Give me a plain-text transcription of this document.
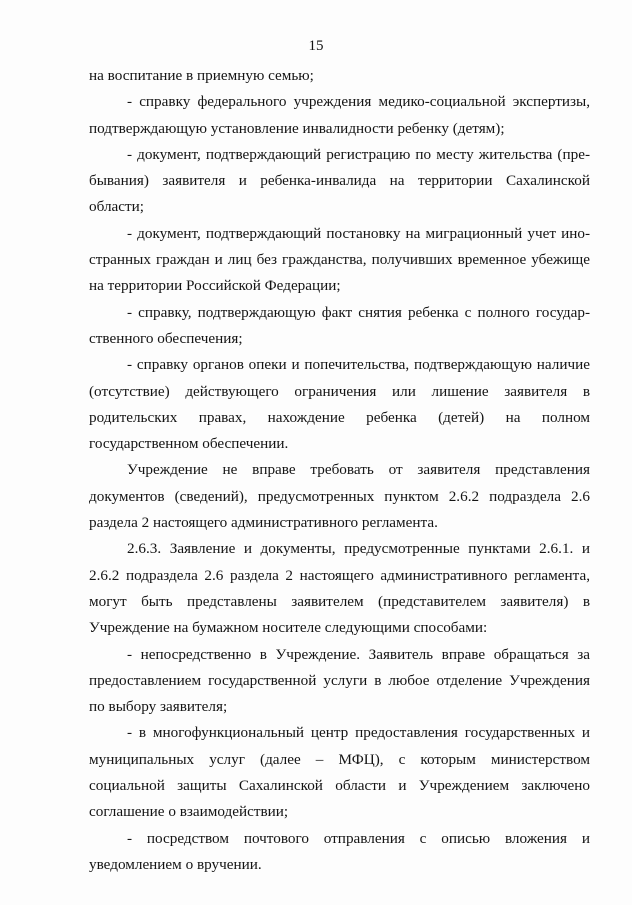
15

на воспитание в приемную семью;

- справку федерального учреждения медико-социальной экспертизы, подтверждающую установление инвалидности ребенку (детям);

- документ, подтверждающий регистрацию по месту жительства (пребывания) заявителя и ребенка-инвалида на территории Сахалинской области;

- документ, подтверждающий постановку на миграционный учет иностранных граждан и лиц без гражданства, получивших временное убежище на территории Российской Федерации;

- справку, подтверждающую факт снятия ребенка с полного государственного обеспечения;

- справку органов опеки и попечительства, подтверждающую наличие (отсутствие) действующего ограничения или лишение заявителя в родительских правах, нахождение ребенка (детей) на полном государственном обеспечении.

Учреждение не вправе требовать от заявителя представления документов (сведений), предусмотренных пунктом 2.6.2 подраздела 2.6 раздела 2 настоящего административного регламента.

2.6.3. Заявление и документы, предусмотренные пунктами 2.6.1. и 2.6.2 подраздела 2.6 раздела 2 настоящего административного регламента, могут быть представлены заявителем (представителем заявителя) в Учреждение на бумажном носителе следующими способами:

- непосредственно в Учреждение. Заявитель вправе обращаться за предоставлением государственной услуги в любое отделение Учреждения по выбору заявителя;

- в многофункциональный центр предоставления государственных и муниципальных услуг (далее – МФЦ), с которым министерством социальной защиты Сахалинской области и Учреждением заключено соглашение о взаимодействии;

- посредством почтового отправления с описью вложения и уведомлением о вручении.
